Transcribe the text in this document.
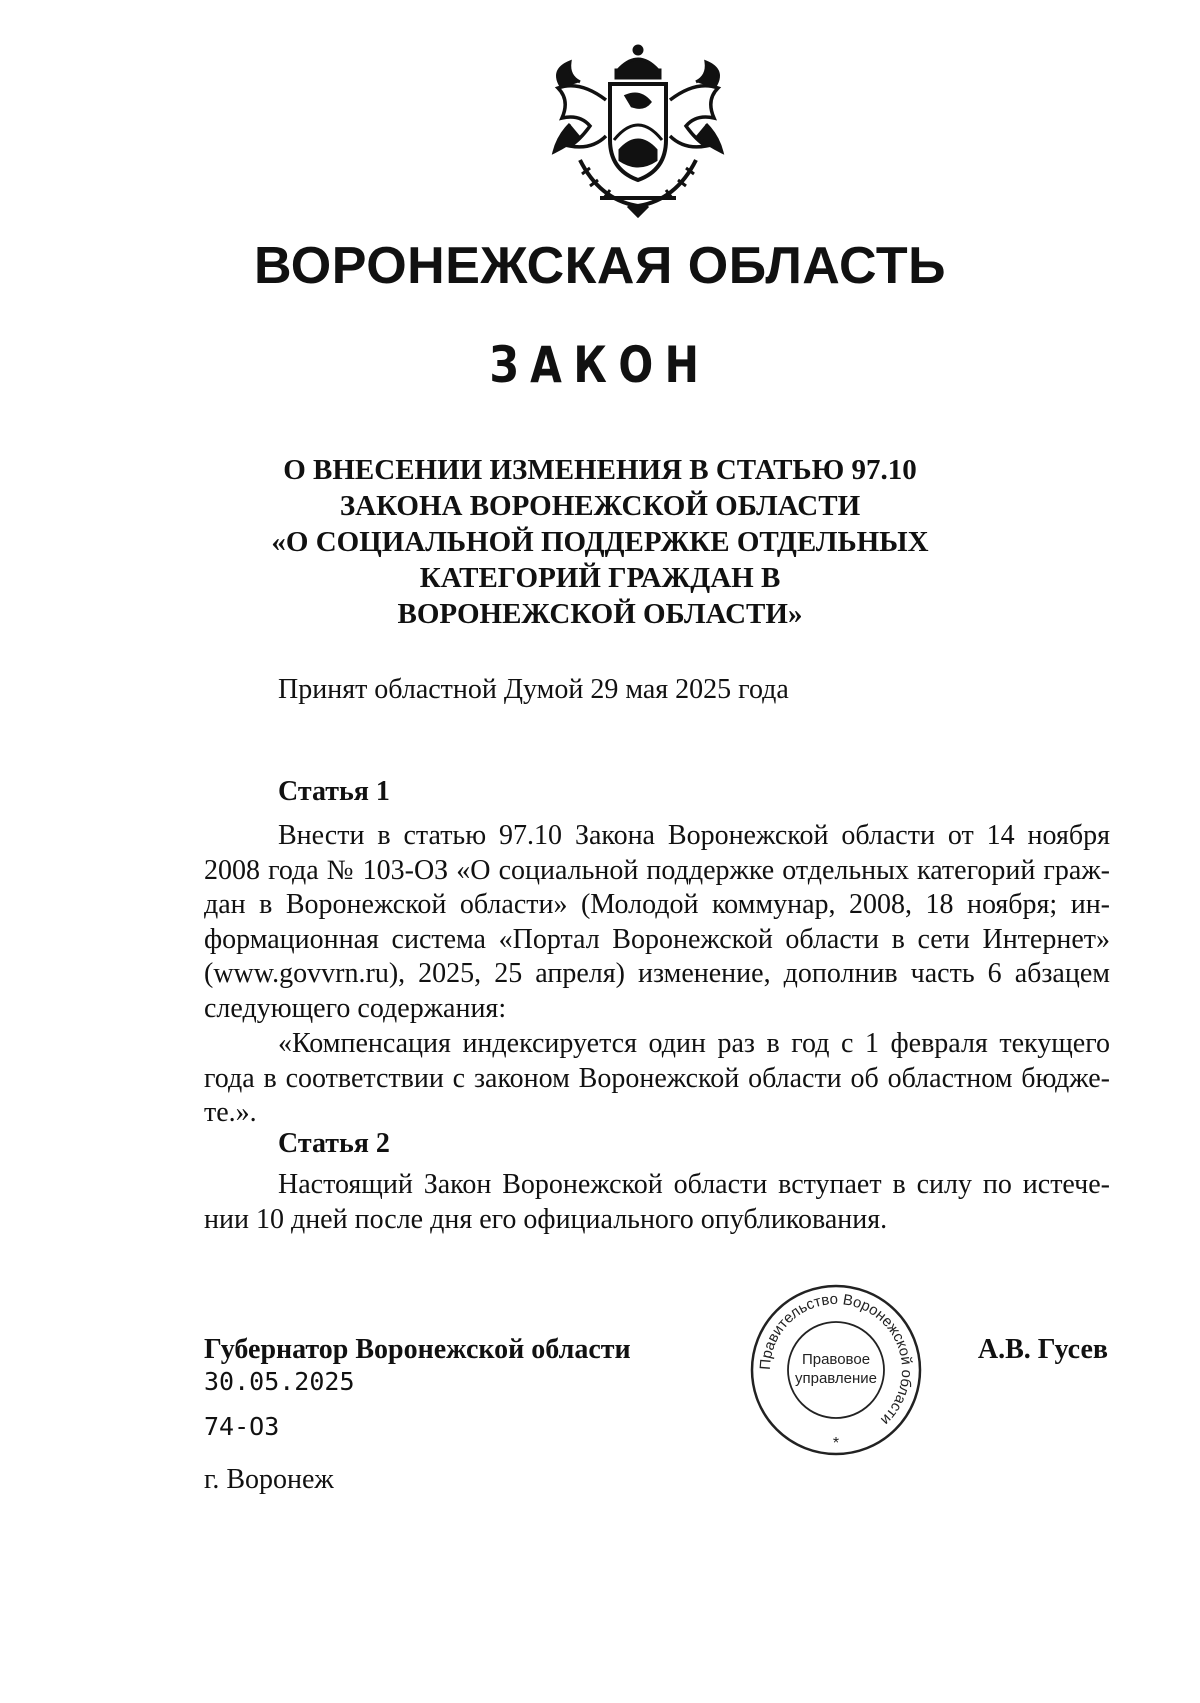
ВОРОНЕЖСКАЯ ОБЛАСТЬ
ЗАКОН
О ВНЕСЕНИИ ИЗМЕНЕНИЯ В СТАТЬЮ 97.10
ЗАКОНА ВОРОНЕЖСКОЙ ОБЛАСТИ
«О СОЦИАЛЬНОЙ ПОДДЕРЖКЕ ОТДЕЛЬНЫХ
КАТЕГОРИЙ ГРАЖДАН В
ВОРОНЕЖСКОЙ ОБЛАСТИ»
Принят областной Думой 29 мая 2025 года
Статья 1
Внести в статью 97.10 Закона Воронежской области от 14 ноября
2008 года № 103-ОЗ «О социальной поддержке отдельных категорий граж-
дан в Воронежской области» (Молодой коммунар, 2008, 18 ноября; ин-
формационная система «Портал Воронежской области в сети Интернет»
(www.govvrn.ru), 2025, 25 апреля) изменение, дополнив часть 6 абзацем
следующего содержания:
«Компенсация индексируется один раз в год с 1 февраля текущего
года в соответствии с законом Воронежской области об областном бюдже-
те.».
Статья 2
Настоящий Закон Воронежской области вступает в силу по истече-
нии 10 дней после дня его официального опубликования.
Губернатор Воронежской области	А.В. Гусев
30.05.2025
74-ОЗ
г. Воронеж
Правительство Воронежской области
Правовое
управление
*
